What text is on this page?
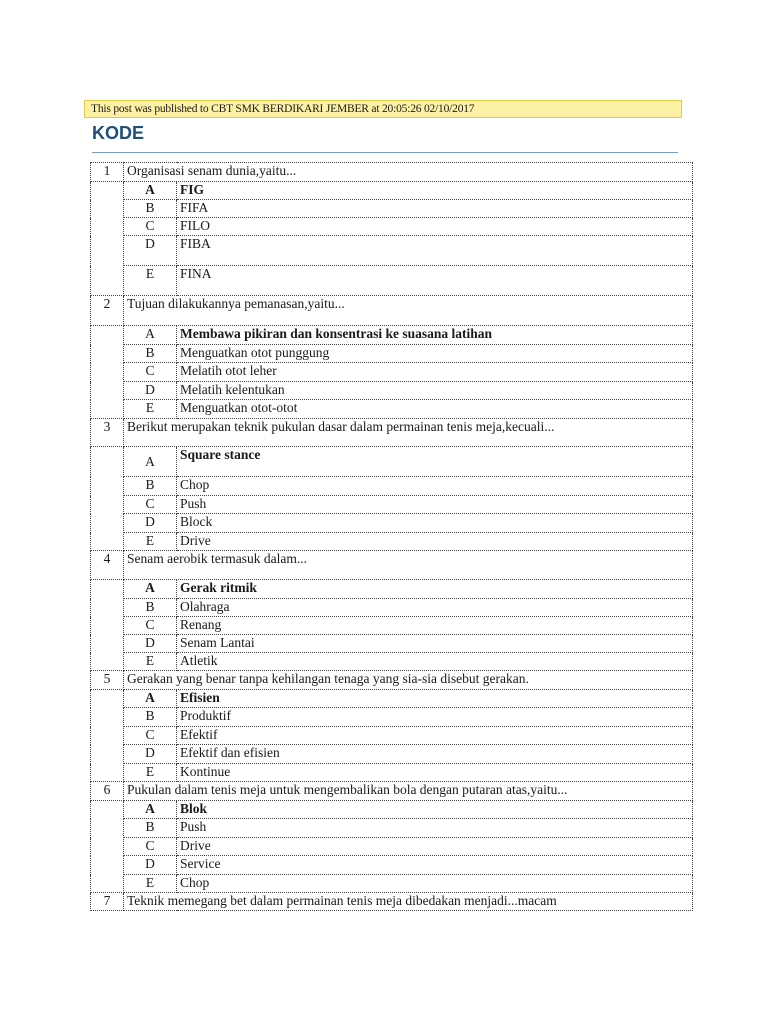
This post was published to CBT SMK BERDIKARI JEMBER at 20:05:26 02/10/2017
KODE
1	Organisasi senam dunia,yaitu...	
	A	FIG
	B	FIFA
	C	FILO
	D	FIBA
	E	FINA
2	Tujuan dilakukannya pemanasan,yaitu...	
	A	Membawa pikiran dan konsentrasi ke suasana latihan
	B	Menguatkan otot punggung
	C	Melatih otot leher
	D	Melatih kelentukan
	E	Menguatkan otot-otot
3	Berikut merupakan teknik pukulan dasar dalam permainan tenis meja,kecuali...	
	A	Square stance
	B	Chop
	C	Push
	D	Block
	E	Drive
4	Senam aerobik termasuk dalam...	
	A	Gerak ritmik
	B	Olahraga
	C	Renang
	D	Senam Lantai
	E	Atletik
5	Gerakan yang benar tanpa kehilangan tenaga yang sia-sia disebut gerakan.	
	A	Efisien
	B	Produktif
	C	Efektif
	D	Efektif dan efisien
	E	Kontinue
6	Pukulan dalam tenis meja untuk mengembalikan bola dengan putaran atas,yaitu...	
	A	Blok
	B	Push
	C	Drive
	D	Service
	E	Chop
7	Teknik memegang bet dalam permainan tenis meja dibedakan menjadi...macam	
